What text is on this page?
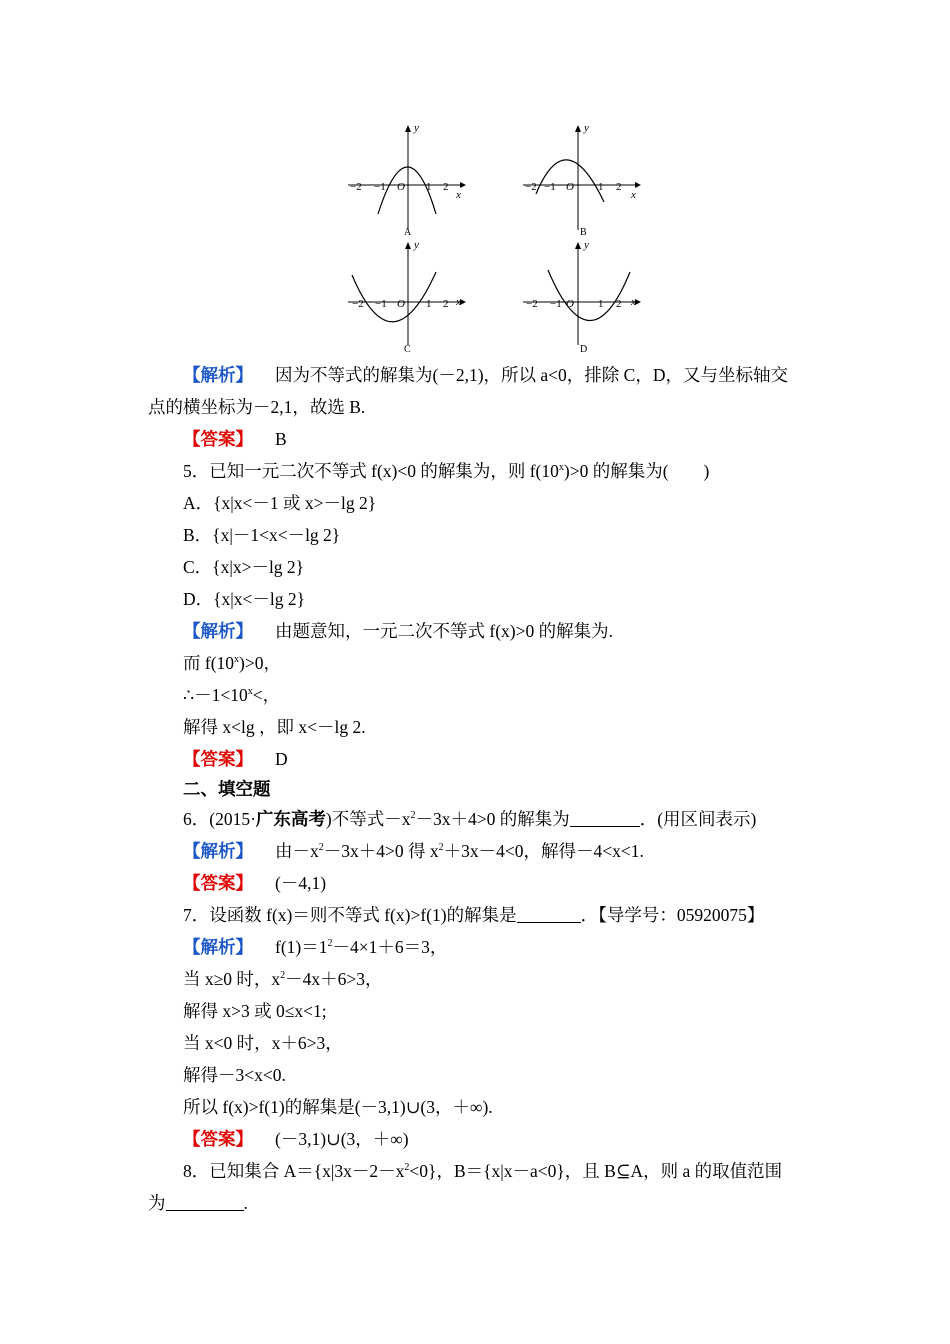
y
x
−2 −1 O 1 2
A
y
x
−2 −1 O 1 2
B
y
x
−2 −1 O 1 2
C
y
x
−2 −1 O 1 2
D
【解析】 因为不等式的解集为(－2,1)，所以 a<0，排除 C，D，又与坐标轴交
点的横坐标为－2,1，故选 B.
【答案】 B
5．已知一元二次不等式 f(x)<0 的解集为，则 $f(10^x)>0$ 的解集为(　　)
A．{x|x<－1 或 x>－lg 2}
B．{x|－1<x<－lg 2}
C．{x|x>－lg 2}
D．{x|x<－lg 2}
【解析】 由题意知，一元二次不等式 f(x)>0 的解集为.
而 $f(10^x)>0$，
$\therefore-1<10^x<$，
解得 x<lg ，即 x<－lg 2.
【答案】 D
二、填空题
6．(2015·广东高考)不等式$-x^2-3x+4>0$ 的解集为	．(用区间表示)
【解析】 由$-x^2-3x+4>0$ 得 $x^2+3x-4<0$，解得－4<x<1.
【答案】 (－4,1)
7．设函数 f(x)＝则不等式 f(x)>f(1)的解集是	．【导学号：05920075】
【解析】 $f(1)=1^2-4\times 1+6=3$，
当 x≥0 时，$x^2-4x+6>3$，
解得 x>3 或 0≤x<1;
当 x<0 时，x＋6>3，
解得－3<x<0.
所以 f(x)>f(1)的解集是(－3,1)∪(3，＋∞).
【答案】 (－3,1)∪(3，＋∞)
8．已知集合 $A=\{x|3x-2-x^2<0\}$，B＝{x|x－a<0}，且 B⊆A，则 a 的取值范围
为	.
